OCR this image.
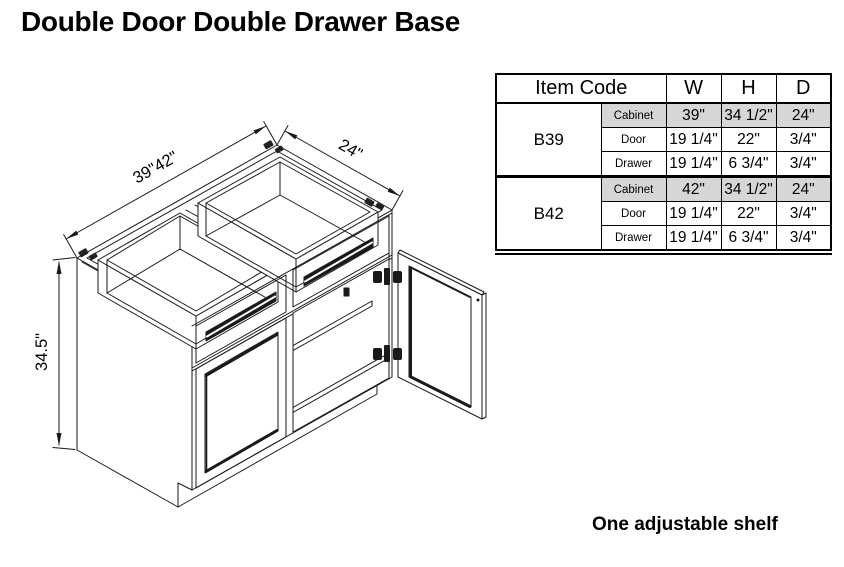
Double Door Double Drawer Base
39"42"	24"
34.5"
Item Code		W	H	D
B39	Cabinet	39"	34 1/2"	24"
	Door	19 1/4"	22"	3/4"
	Drawer	19 1/4"	6 3/4"	3/4"
B42	Cabinet	42"	34 1/2"	24"
	Door	19 1/4"	22"	3/4"
	Drawer	19 1/4"	6 3/4"	3/4"
One adjustable shelf
